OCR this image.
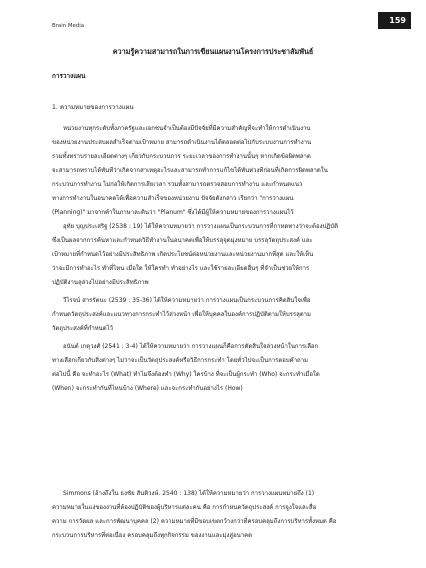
159
Brain Media
ความรู้ความสามารถในการเขียนแผนงานโครงการประชาสัมพันธ์
การวางแผน
1. ความหมายของการวางแผน
หน่วยงานทุกระดับทั้งภาครัฐและเอกชนจำเป็นต้องมีปัจจัยที่มีความสำคัญที่จะทำให้การดำเนินงาน
ของหน่วยงานประสบผลสำเร็จตามเป้าหมาย สามารถดำเนินงานได้ตลอดต่อไปกับระบบงานการทำงาน
รวมทั้งทราบรายละเอียดต่างๆ เกี่ยวกับกระบวนการ ระยะเวลาของการทำงานนั้นๆ หากเกิดข้อผิดพลาด
จะสามารถทราบได้ทันทีว่าเกิดจากสาเหตุอะไรและสามารถทำการแก้ไขได้ทันท่วงทีก่อนที่เกิดการผิดพลาดใน
กระบวนการทำงาน ไม่ก่อให้เกิดการเสียเวลา รวมทั้งสามารถตรวจสอบการทำงาน และกำหนดแนว
ทางการทำงานในอนาคตได้เพื่อความสำเร็จของหน่วยงาน ปัจจัยดังกล่าว เรียกว่า "การวางแผน
(Planning)" มาจากคำในภาษาละตินว่า "Planum" ซึ่งได้มีผู้ให้ความหมายของการวางแผนไว้
อุทัย บุญประเสริฐ (2538 : 19) ได้ให้ความหมายว่า การวางแผนเป็นกระบวนการที่กาหดทางว่าจะต้องปฏิบัติ
ซึ่งเป็นผลจากการค้นหาและกำหนดวิธีทำงานในอนาคตเพื่อให้บรรลุจุดมุ่งหมาย บรรลุวัตถุประสงค์ และ
เป้าหมายที่กำหนดไว้อย่างมีประสิทธิภาพ เกิดประโยชน์ต่อหน่วยงานและหน่วยงานมากที่สุด และให้เห็น
ว่าจะมีการทำอะไร ทำที่ไหน เมื่อใด ให้ใครทำ ทำอย่างไร และใช้รายละเอียดอื่นๆ ที่จำเป็นช่วยให้การ
ปฏิบัติงานลุล่วงไปอย่างมีประสิทธิภาพ
วีไรจน์ สารรัตนะ (2539 : 35-36) ได้ให้ความหมายว่า การวางแผนเป็นกระบวนการคิดสินใจเพื่อ
กำหนดวัตถุประสงค์และแนวทางการกระทำไว้ล่วงหน้า เพื่อให้บุคคลในองค์การปฏิบัติตามให้บรรลุตาม
วัตถุประสงค์ที่กำหนดไว้
อนันต์ เกตุวงศ์ (2541 : 3-4) ได้ให้ความหมายว่า การวางแผนก็คือการตัดสินใจล่วงหน้าในการเลือก
ทางเลือกเกี่ยวกับสิ่งต่างๆ ไม่ว่าจะเป็นวัตถุประสงค์หรือวิธีการกระทำ โดยทั่วไปจะเป็นการตอบคำถาม
ต่อไปนี้ คือ จะทำอะไร (What) ทำไมจึงต้องทำ (Why) ใครบ้าง ที่จะเป็นผู้กระทำ (Who) จะกระทำเมื่อใด
(When) จะกระทำกันที่ไหนบ้าง (Where) และจะกระทำกันอย่างไร (How)
Simmons (อ้างถึงใน ธงชัย สันติวงษ์. 2540 : 138) ได้ให้ความหมายว่า การวางแผนหมายถึง (1)
ความหมายในแง่ของงานที่ต้องปฏิบัติของผู้บริหารแต่ละคน คือ การกำหนดวัตถุประสงค์ การจูงใจและสื่อ
ความ การวัดผล และการพัฒนาบุคคล (2) ความหมายที่มีขอบเขตกว้างกว่าที่ครอบคลุมถึงการบริหารทั้งหมด คือ
กระบวนการบริหารที่ต่อเนื่อง ครอบคลุมถึงทุกกิจกรรม ของงานและมุ่งสู่อนาคต
